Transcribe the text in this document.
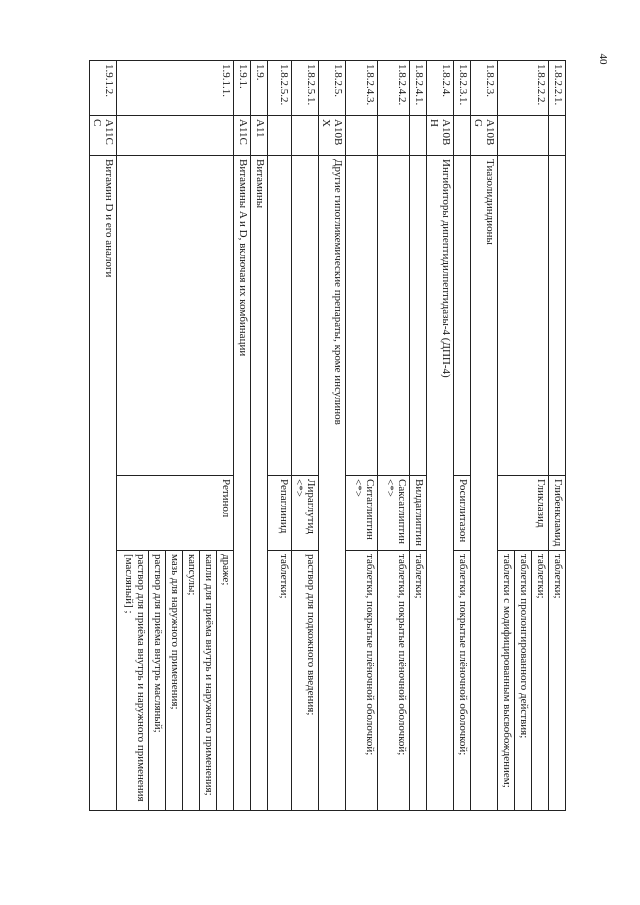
40
1.8.2.2.1.			Глибенкламид	таблетки;
1.8.2.2.2.			Гликлазид	таблетки;
				таблетки пролонгированного действия;
				таблетки с модифицированным высвобождением;
1.8.2.3.	A10BG	Тиазолидиндионы		
1.8.2.3.1.			Росиглитазон	таблетки, покрытые плёночной оболочкой;
1.8.2.4.	A10BH	Ингибиторы дипептидилпептидазы-4 (ДПП-4)		
1.8.2.4.1.			Вилдаглиптин	таблетки;
1.8.2.4.2.			Саксаглиптин <*>	таблетки, покрытые плёночной оболочкой;
1.8.2.4.3.			Ситаглиптин <*>	таблетки, покрытые плёночной оболочкой;
1.8.2.5.	A10BX	Другие гипогликемические препараты, кроме инсулинов		
1.8.2.5.1.			Лираглутид <*>	раствор для подкожного введения;
1.8.2.5.2.			Репаглинид	таблетки;
1.9.	A11	Витамины		
1.9.1.	A11C	Витамины A и D, включая их комбинации		
1.9.1.1.			Ретинол	драже;
				капли для приёма внутрь и наружного применения;
				капсулы;
				мазь для наружного применения;
				раствор для приёма внутрь масляный;
				раствор для приёма внутрь и наружного применения [масляный] ;
1.9.1.2.	A11CC	Витамин D и его аналоги		
